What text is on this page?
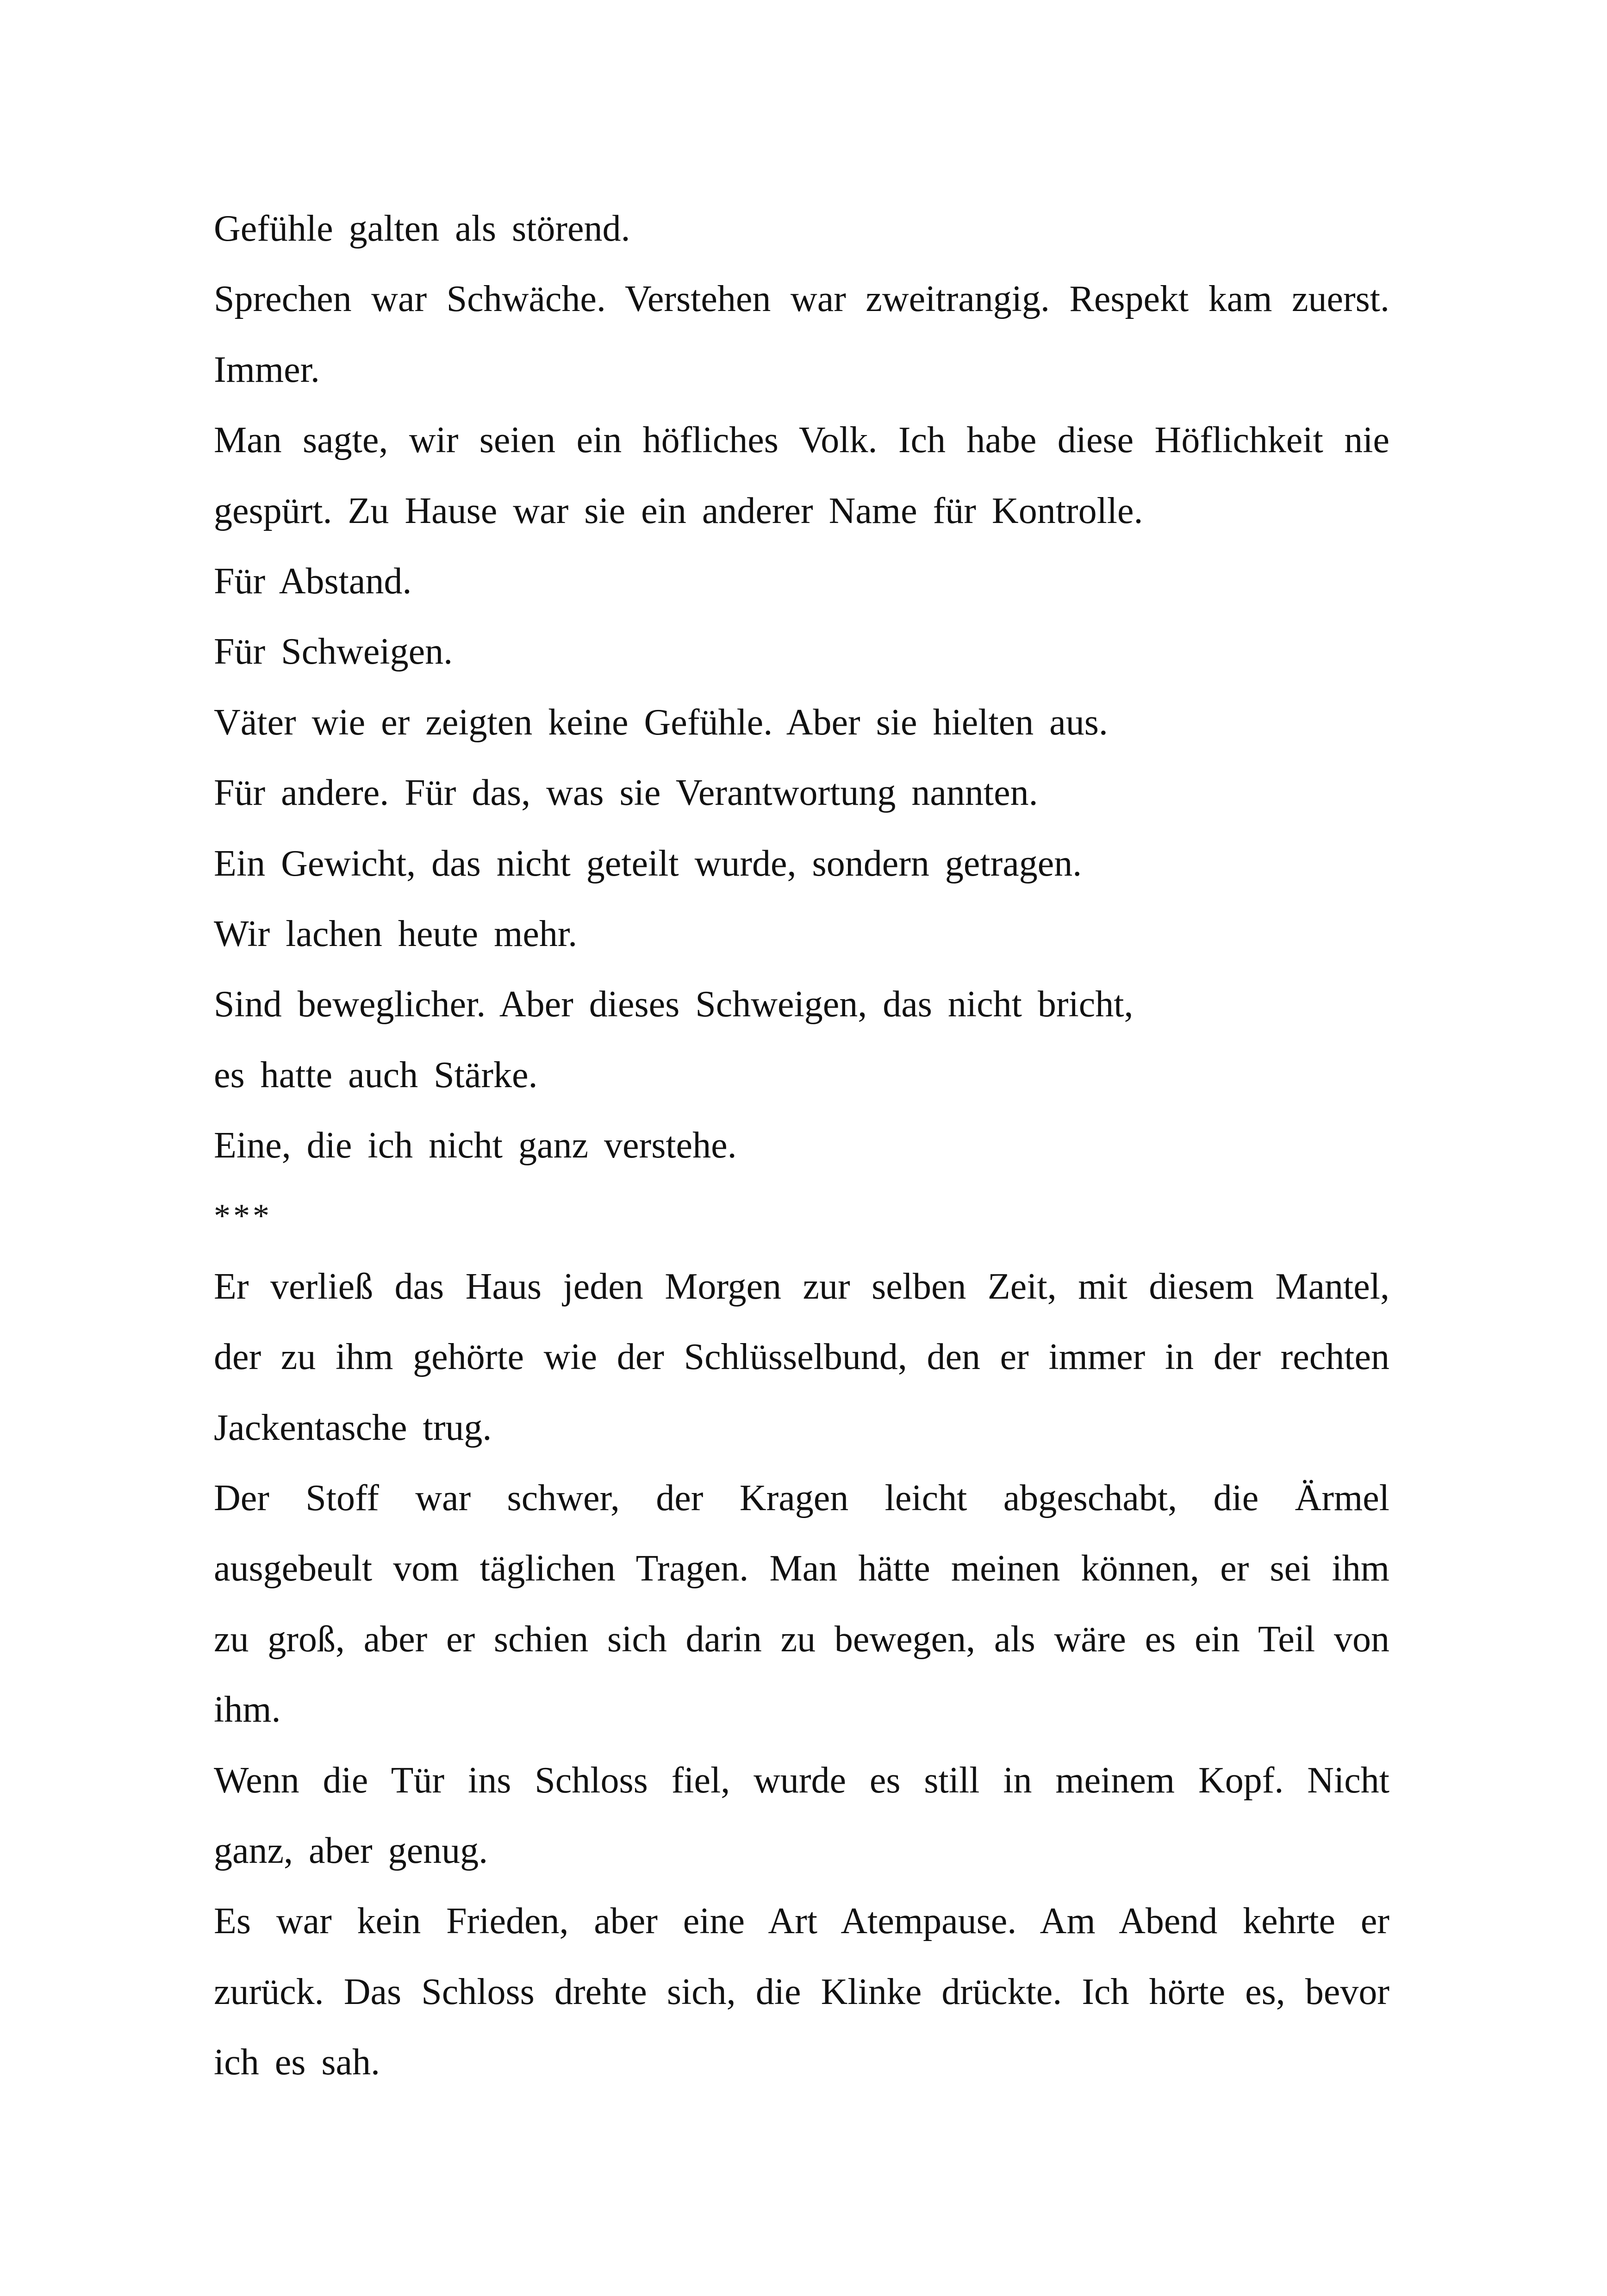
Gefühle galten als störend.
Sprechen war Schwäche. Verstehen war zweitrangig. Respekt kam zuerst.
Immer.
Man sagte, wir seien ein höfliches Volk. Ich habe diese Höflichkeit nie
gespürt. Zu Hause war sie ein anderer Name für Kontrolle.
Für Abstand.
Für Schweigen.
Väter wie er zeigten keine Gefühle. Aber sie hielten aus.
Für andere. Für das, was sie Verantwortung nannten.
Ein Gewicht, das nicht geteilt wurde, sondern getragen.
Wir lachen heute mehr.
Sind beweglicher. Aber dieses Schweigen, das nicht bricht,
es hatte auch Stärke.
Eine, die ich nicht ganz verstehe.
***
Er verließ das Haus jeden Morgen zur selben Zeit, mit diesem Mantel,
der zu ihm gehörte wie der Schlüsselbund, den er immer in der rechten
Jackentasche trug.
Der Stoff war schwer, der Kragen leicht abgeschabt, die Ärmel
ausgebeult vom täglichen Tragen. Man hätte meinen können, er sei ihm
zu groß, aber er schien sich darin zu bewegen, als wäre es ein Teil von
ihm.
Wenn die Tür ins Schloss fiel, wurde es still in meinem Kopf. Nicht
ganz, aber genug.
Es war kein Frieden, aber eine Art Atempause. Am Abend kehrte er
zurück. Das Schloss drehte sich, die Klinke drückte. Ich hörte es, bevor
ich es sah.
